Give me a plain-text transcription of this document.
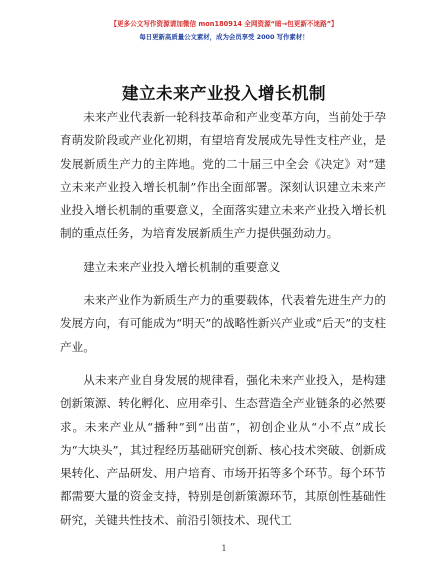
【更多公文写作资源请加微信 mon180914 全网资源“暗→包更新不迷路”】
每日更新高质量公文素材，成为会员享受 2000 写作素材！
建立未来产业投入增长机制

未来产业代表新一轮科技革命和产业变革方向，当前处于孕育萌发阶段或产业化初期，有望培育发展成先导性支柱产业，是发展新质生产力的主阵地。党的二十届三中全会《决定》对“建立未来产业投入增长机制”作出全面部署。深刻认识建立未来产业投入增长机制的重要意义，全面落实建立未来产业投入增长机制的重点任务，为培育发展新质生产力提供强劲动力。

建立未来产业投入增长机制的重要意义

未来产业作为新质生产力的重要载体，代表着先进生产力的发展方向，有可能成为“明天”的战略性新兴产业或“后天”的支柱产业。

从未来产业自身发展的规律看，强化未来产业投入，是构建创新策源、转化孵化、应用牵引、生态营造全产业链条的必然要求。未来产业从“播种”到“出苗”，初创企业从“小不点”成长为“大块头”，其过程经历基础研究创新、核心技术突破、创新成果转化、产品研发、用户培育、市场开拓等多个环节。每个环节都需要大量的资金支持，特别是创新策源环节，其原创性基础性研究，关键共性技术、前沿引领技术、现代工

1
